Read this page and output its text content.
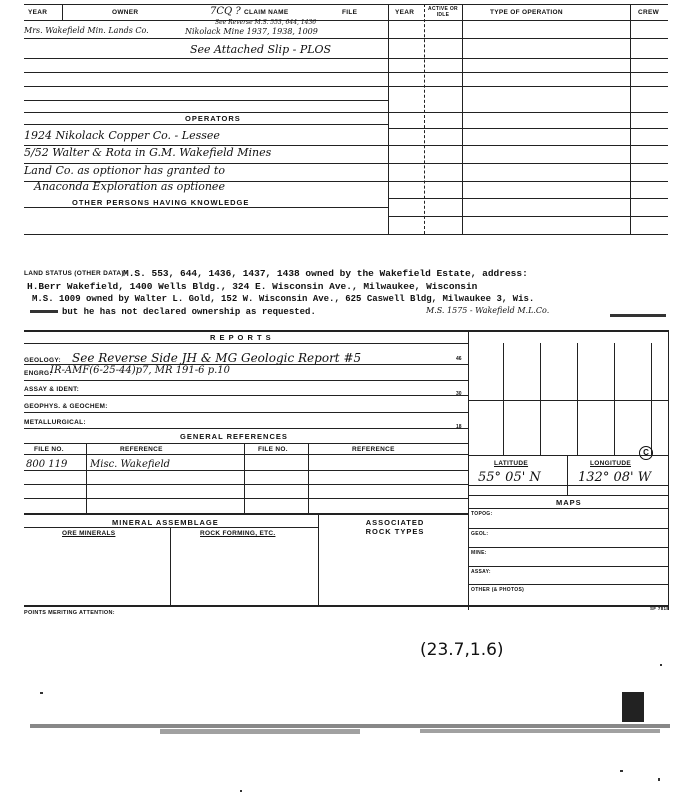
YEAR	OWNER	7CQ ? CLAIM NAME	FILE	YEAR	ACTIVE OR IDLE	TYPE OF OPERATION	CREW
Mrs. Wakefield Min. Lands Co.	Nikolack Mine 1937, 1938, 1009
See Reverse M.S. 553, 644, 1436
See Attached Slip - PLOS
OPERATORS
1924 Nikolack Copper Co. - Lessee
5/52 Walter & Rota in G.M. Wakefield Mines
Land Co. as optionor has granted to
Anaconda Exploration as optionee
OTHER PERSONS HAVING KNOWLEDGE
LAND STATUS (OTHER DATA) M.S. 553, 644, 1436, 1437, 1438 owned by the Wakefield Estate, address:
H.Berr Wakefield, 1400 Wells Bldg., 324 E. Wisconsin Ave., Milwaukee, Wisconsin
M.S. 1009 owned by Walter L. Gold, 152 W. Wisconsin Ave., 625 Caswell Bldg, Milwaukee 3, Wis.
but he has not declared ownership as requested.	M.S. 1575 - Wakefield M.L.Co.
R E P O R T S
GEOLOGY: See Reverse Side JH & MG Geologic Report #5	46
ENGRG:
IR-AMF(6-25-44)p7, MR 191-6 p.10
ASSAY & IDENT:
30
GEOPHYS. & GEOCHEM:
METALLURGICAL:
18
GENERAL REFERENCES
FILE NO.	REFERENCE	FILE NO.	REFERENCE
800 119 Misc. Wakefield
C
LATITUDE	LONGITUDE
55° 05' N	132° 08' W
MAPS
MINERAL ASSEMBLAGE	ASSOCIATED ROCK TYPES
ORE MINERALS	ROCK FORMING, ETC.
TOPOG:
GEOL:
MINE:
ASSAY:
OTHER (& PHOTOS)
POINTS MERITING ATTENTION:
SF 7818
(23.7,1.6)
